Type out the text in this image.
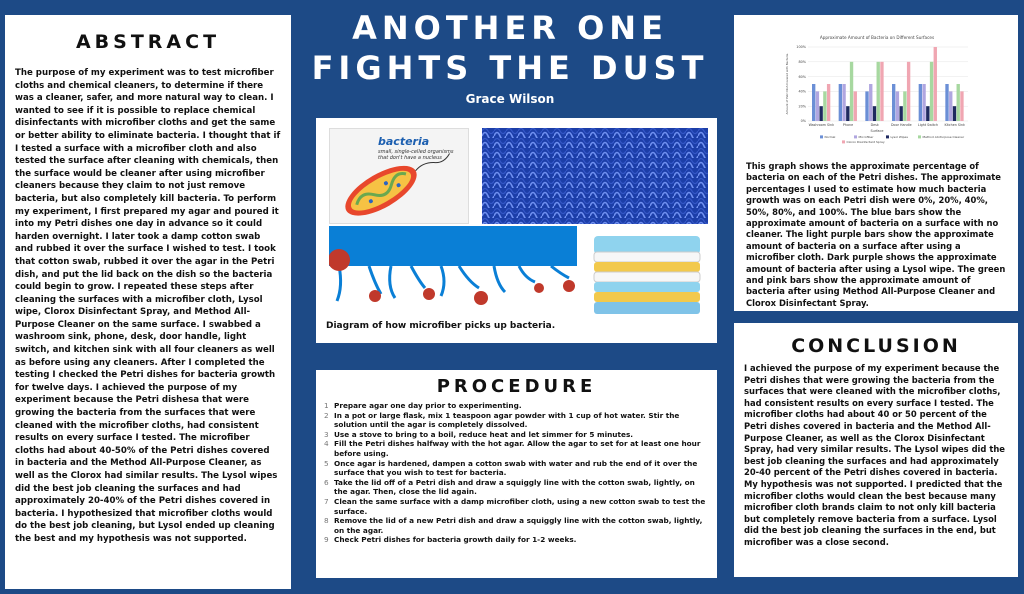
ABSTRACT

The purpose of my experiment was to test microfiber cloths and chemical cleaners, to determine if there was a cleaner, safer, and more natural way to clean. I wanted to see if it is possible to replace chemical disinfectants with microfiber cloths and get the same or better ability to eliminate bacteria. I thought that if I tested a surface with a microfiber cloth and also tested the surface after cleaning with chemicals, then the surface would be cleaner after using microfiber cleaners because they claim to not just remove bacteria, but also completely kill bacteria. To perform my experiment, I first prepared my agar and poured it into my Petri dishes one day in advance so it could harden overnight. I later took a damp cotton swab and rubbed it over the surface I wished to test. I took that cotton swab, rubbed it over the agar in the Petri dish, and put the lid back on the dish so the bacteria could begin to grow. I repeated these steps after cleaning the surfaces with a microfiber cloth, Lysol wipe, Clorox Disinfectant Spray, and Method All-Purpose Cleaner on the same surface. I swabbed a washroom sink, phone, desk, door handle, light switch, and kitchen sink with all four cleaners as well as before using any cleaners. After I completed the testing I checked the Petri dishes for bacteria growth for twelve days. I achieved the purpose of my experiment because the Petri dishesa that were growing the bacteria from the surfaces that were cleaned with the microfiber cloths, had consistent results on every surface I tested. The microfiber cloths had about 40-50% of the Petri dishes covered in bacteria and the Method All-Purpose Cleaner, as well as the Clorox had similar results. The Lysol wipes did the best job cleaning the surfaces and had approximately 20-40% of the Petri dishes covered in bacteria. I hypothesized that microfiber cloths would do the best job cleaning, but Lysol ended up cleaning the best and my hypothesis was not supported.

ANOTHER ONE
FIGHTS THE DUST
Grace Wilson
bacteria
small, single-celled organisms that don't have a nucleus
Diagram of how microfiber picks up bacteria.
PROCEDURE
1 Prepare agar one day prior to experimenting.
2 In a pot or large flask, mix 1 teaspoon agar powder with 1 cup of hot water. Stir the solution until the agar is completely dissolved.
3 Use a stove to bring to a boil, reduce heat and let simmer for 5 minutes.
4 Fill the Petri dishes halfway with the hot agar. Allow the agar to set for at least one hour before using.
5 Once agar is hardened, dampen a cotton swab with water and rub the end of it over the surface that you wish to test for bacteria.
6 Take the lid off of a Petri dish and draw a squiggly line with the cotton swab, lightly, on the agar. Then, close the lid again.
7 Clean the same surface with a damp microfiber cloth, using a new cotton swab to test the surface.
8 Remove the lid of a new Petri dish and draw a squiggly line with the cotton swab, lightly, on the agar.
9 Check Petri dishes for bacteria growth daily for 1-2 weeks.
Approximate Amount of Bacteria on Different Surfaces
0%
20%
40%
60%
80%
100%
Amount of Petri Dish Covered with Bacteria
Washroom Sink	Phone	Desk	Door Handle Light Switch Kitchen Sink
Surface
Normal	Microfiber	Lysol Wipes	Method All-Purpose Cleaner
Clorox Disinfectant Spray

This graph shows the approximate percentage of bacteria on each of the Petri dishes. The approximate percentages I used to estimate how much bacteria growth was on each Petri dish were 0%, 20%, 40%, 50%, 80%, and 100%. The blue bars show the approximate amount of bacteria on a surface with no cleaner. The light purple bars show the approximate amount of bacteria on a surface after using a microfiber cloth. Dark purple shows the approximate amount of bacteria after using a Lysol wipe. The green and pink bars show the approximate amount of bacteria after using Method All-Purpose Cleaner and Clorox Disinfectant Spray.

CONCLUSION

I achieved the purpose of my experiment because the Petri dishes that were growing the bacteria from the surfaces that were cleaned with the microfiber cloths, had consistent results on every surface I tested. The microfiber cloths had about 40 or 50 percent of the Petri dishes covered in bacteria and the Method All-Purpose Cleaner, as well as the Clorox Disinfectant Spray, had very similar results. The Lysol wipes did the best job cleaning the surfaces and had approximately 20-40 percent of the Petri dishes covered in bacteria. My hypothesis was not supported. I predicted that the microfiber cloths would clean the best because many microfiber cloth brands claim to not only kill bacteria but completely remove bacteria from a surface. Lysol did the best job cleaning the surfaces in the end, but microfiber was a close second.
